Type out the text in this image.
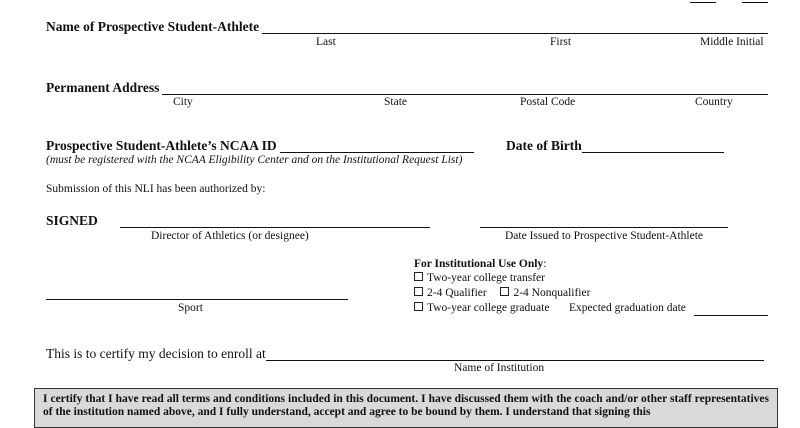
Name of Prospective Student-Athlete
Last	First	Middle Initial
Permanent Address
City	State	Postal Code	Country
Prospective Student-Athlete’s NCAA ID
(must be registered with the NCAA Eligibility Center and on the Institutional Request List)
Date of Birth
Submission of this NLI has been authorized by:
SIGNED
Director of Athletics (or designee)	Date Issued to Prospective Student-Athlete
For Institutional Use Only:
Two-year college transfer
2-4 Qualifier 2-4 Nonqualifier
Two-year college graduate Expected graduation date
Sport
This is to certify my decision to enroll at
Name of Institution
I certify that I have read all terms and conditions included in this document. I have discussed them with the coach and/or other staff representatives of the institution named above, and I fully understand, accept and agree to be bound by them. I understand that signing this
